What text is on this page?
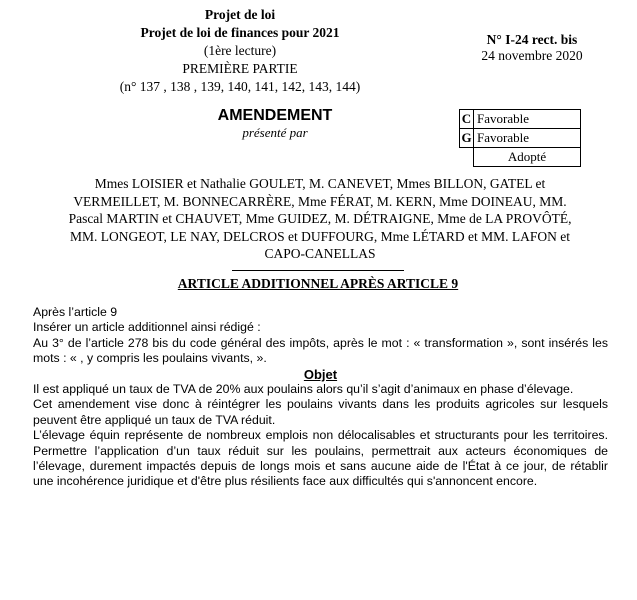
Projet de loi
Projet de loi de finances pour 2021
(1ère lecture)
PREMIÈRE PARTIE
(n° 137 , 138 , 139, 140, 141, 142, 143, 144)
N° I-24 rect. bis
24 novembre 2020
AMENDEMENT
présenté par
C	Favorable
G	Favorable
	Adopté
Mmes LOISIER et Nathalie GOULET, M. CANEVET, Mmes BILLON, GATEL et
VERMEILLET, M. BONNECARRÈRE, Mme FÉRAT, M. KERN, Mme DOINEAU, MM.
Pascal MARTIN et CHAUVET, Mme GUIDEZ, M. DÉTRAIGNE, Mme de LA PROVÔTÉ,
MM. LONGEOT, LE NAY, DELCROS et DUFFOURG, Mme LÉTARD et MM. LAFON et
CAPO-CANELLAS
ARTICLE ADDITIONNEL APRÈS ARTICLE 9

Après l’article 9

Insérer un article additionnel ainsi rédigé :

Au 3° de l’article 278 bis du code général des impôts, après le mot : « transformation », sont insérés les mots : « , y compris les poulains vivants, ».

Objet

Il est appliqué un taux de TVA de 20% aux poulains alors qu’il s’agit d’animaux en phase d’élevage.

Cet amendement vise donc à réintégrer les poulains vivants dans les produits agricoles sur lesquels peuvent être appliqué un taux de TVA réduit.

L’élevage équin représente de nombreux emplois non délocalisables et structurants pour les territoires. Permettre l’application d’un taux réduit sur les poulains, permettrait aux acteurs économiques de l’élevage, durement impactés depuis de longs mois et sans aucune aide de l'État à ce jour, de rétablir une incohérence juridique et d'être plus résilients face aux difficultés qui s'annoncent encore.
